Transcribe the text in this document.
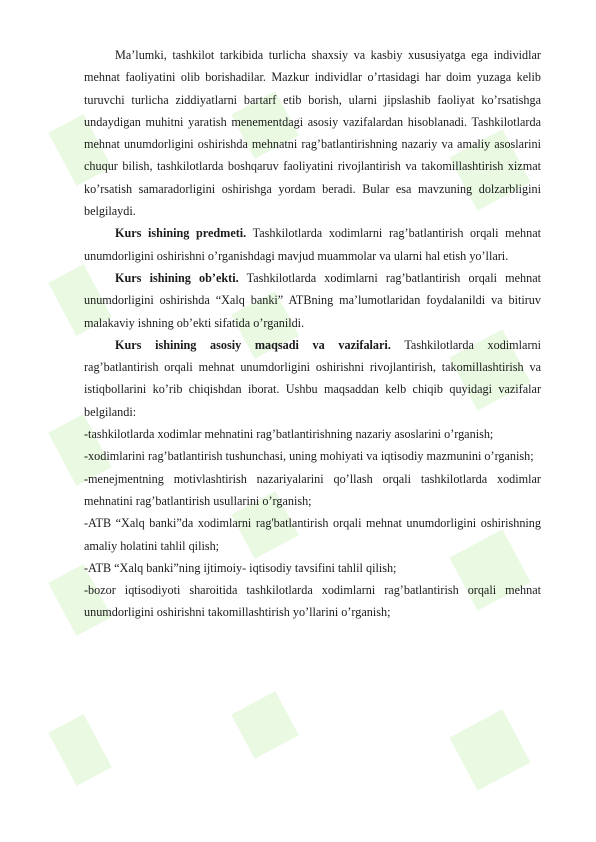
Ma’lumki, tashkilot tarkibida turlicha shaxsiy va kasbiy xususiyatga ega individlar mehnat faoliyatini olib borishadilar. Mazkur individlar o’rtasidagi har doim yuzaga kelib turuvchi turlicha ziddiyatlarni bartarf etib borish, ularni jipslashib faoliyat ko’rsatishga undaydigan muhitni yaratish menementdagi asosiy vazifalardan hisoblanadi. Tashkilotlarda mehnat unumdorligini oshirishda mehnatni rag’batlantirishning nazariy va amaliy asoslarini chuqur bilish, tashkilotlarda boshqaruv faoliyatini rivojlantirish va takomillashtirish xizmat ko’rsatish samaradorligini oshirishga yordam beradi. Bular esa mavzuning dolzarbligini belgilaydi.

Kurs ishining predmeti. Tashkilotlarda xodimlarni rag’batlantirish orqali mehnat unumdorligini oshirishni o’rganishdagi mavjud muammolar va ularni hal etish yo’llari.

Kurs ishining ob’ekti. Tashkilotlarda xodimlarni rag’batlantirish orqali mehnat unumdorligini oshirishda “Xalq banki” ATBning ma’lumotlaridan foydalanildi va bitiruv malakaviy ishning ob’ekti sifatida o’rganildi.

Kurs ishining asosiy maqsadi va vazifalari. Tashkilotlarda xodimlarni rag’batlantirish orqali mehnat unumdorligini oshirishni rivojlantirish, takomillashtirish va istiqbollarini ko’rib chiqishdan iborat. Ushbu maqsaddan kelb chiqib quyidagi vazifalar belgilandi:

-tashkilotlarda xodimlar mehnatini rag’batlantirishning nazariy asoslarini o’rganish;

-xodimlarini rag’batlantirish tushunchasi, uning mohiyati va iqtisodiy mazmunini o’rganish;

-menejmentning motivlashtirish nazariyalarini qo’llash orqali tashkilotlarda xodimlar mehnatini rag’batlantirish usullarini o’rganish;

-ATB “Xalq banki”da xodimlarni rag'batlantirish orqali mehnat unumdorligini oshirishning amaliy holatini tahlil qilish;

-ATB “Xalq banki”ning ijtimoiy- iqtisodiy tavsifini tahlil qilish;

-bozor iqtisodiyoti sharoitida tashkilotlarda xodimlarni rag’batlantirish orqali mehnat unumdorligini oshirishni takomillashtirish yo’llarini o’rganish;
